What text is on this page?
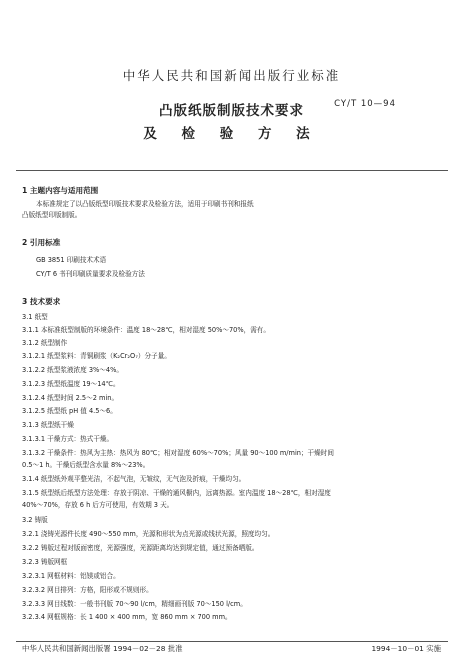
中华人民共和国新闻出版行业标准
CY/T 10—94
凸版纸版制版技术要求
及 检 验 方 法
1 主题内容与适用范围
本标准规定了以凸版纸型印版技术要求及检验方法，适用于印刷书刊和报纸
凸版纸型印版制版。
2 引用标准
GB 3851 印刷技术术语
CY/T 6 书刊印刷质量要求及检验方法
3 技术要求
3.1 纸型
3.1.1 本标准纸型制版的环境条件：温度 18～28℃，相对湿度 50%～70%，需有。
3.1.2 纸型制作
3.1.2.1 纸型浆料：青铜刷浆（K₂Cr₂O₇）分子量。
3.1.2.2 纸型浆液浓度 3%～4%。
3.1.2.3 纸型纸温度 19～14℃。
3.1.2.4 纸型时间 2.5～2 min。
3.1.2.5 纸型纸 pH 值 4.5～6。
3.1.3 纸型纸干燥
3.1.3.1 干燥方式：热式干燥。
3.1.3.2 干燥条件：热风为主热：热风为 80℃；相对湿度 60%～70%；风量 90～100 m/min；干燥时间
0.5～1 h。干燥后纸型含水量 8%～23%。
3.1.4 纸型纸外观平整光洁，不起气泡，无皱纹，无气泡及折痕，干燥均匀。
3.1.5 纸型纸后纸型方法处理：存放于阴凉、干燥的通风橱内，远离热源。室内温度 18～28℃，相对湿度
40%～70%，存放 6 h 后方可使用，有效期 3 天。
3.2 铸版
3.2.1 浇铸光源件长度 490～550 mm，光源和形状为点光源或线状光源，照度均匀。
3.2.2 铸版过程对版面密度，光源强度，光源距离均达到规定值，通过预备晒版。
3.2.3 铸版网框
3.2.3.1 网框材料：铝镁或铝合。
3.2.3.2 网目排列：方格，阳形或不规则形。
3.2.3.3 网目线数：一般书刊版 70～90 l/cm，精细画刊版 70～150 l/cm。
3.2.3.4 网框规格：长 1 400 × 400 mm，宽 860 mm × 700 mm。
中华人民共和国新闻出版署 1994－02－28 批准	1994－10－01 实施
